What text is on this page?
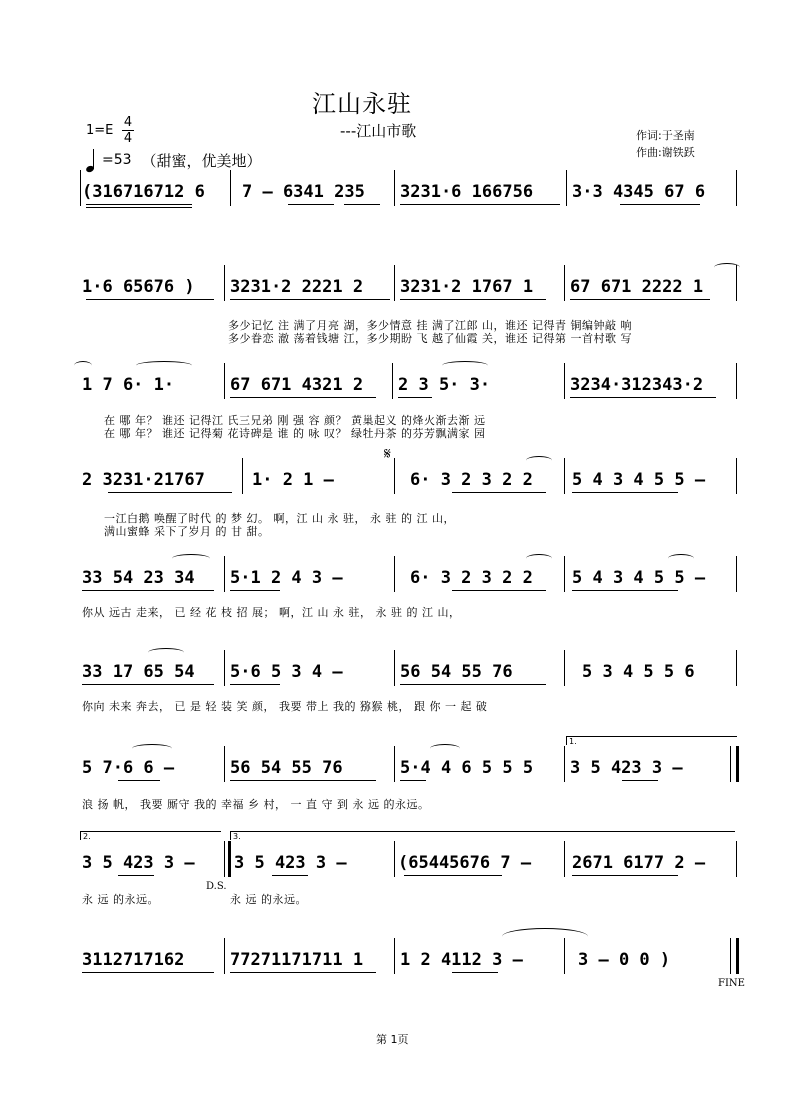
江山永驻
---江山市歌	作词:于圣南
作曲:谢铁跃
1=E
4
4
=53 （甜蜜，优美地）
(316716712 6 7 – 6341 235 3231·6 166756 3·3 4345 67 6
1·6 65676 ) 3231·2 2221 2 3231·2 1767 1 67 671 2222 1
多少记忆 注 满了月亮 湖，多少情意 挂 满了江郎 山，谁还 记得青 铜编钟敲 响
多少眷恋 澈 荡着钱塘 江，多少期盼 飞 越了仙霞 关，谁还 记得第 一首村歌 写
1 7 6· 1·	67 671 4321 2 2 3 5· 3·	3234·312343·2
在 哪 年？ 谁还 记得江 氏三兄弟 刚 强 容 颜？ 黄巢起义 的烽火渐去渐 远
在 哪 年？ 谁还 记得菊 花诗碑是 谁 的 咏 叹？ 绿牡丹茶 的芬芳飘满家 园
2 3231·21767	1· 2 1 –
𝄋
6· 3 2 3 2 2 5 4 3 4 5 5 –
一江白鹅 唤醒了时代 的 梦 幻。 啊，江 山 永 驻， 永 驻 的 江 山，
满山蜜蜂 采下了岁月 的 甘 甜。
33 54 23 34 5·1 2 4 3 –	6· 3 2 3 2 2 5 4 3 4 5 5 –
你从 远古 走来， 已 经 花 枝 招 展； 啊，江 山 永 驻， 永 驻 的 江 山，
33 17 65 54 5·6 5 3 4 –	56 54 55 76	5 3 4 5 5 6
你向 未来 奔去， 已 是 轻 装 笑 颜， 我要 带上 我的 猕猴 桃， 跟 你 一 起 破
5 7·6 6 –	56 54 55 76	5·4 4 6 5 5 5
1.
3 5 423 3 –
浪 扬 帆， 我要 厮守 我的 幸福 乡 村， 一 直 守 到 永 远 的永远。
2.
3 5 423 3 –
D.S.
3.
3 5 423 3 –	(65445676 7 – 2671 6177 2 –
永 远 的永远。	永 远 的永远。
3112717162	77271171711 1 1 2 4112 3 –	3 – 0 0 )
FINE
第 1页
